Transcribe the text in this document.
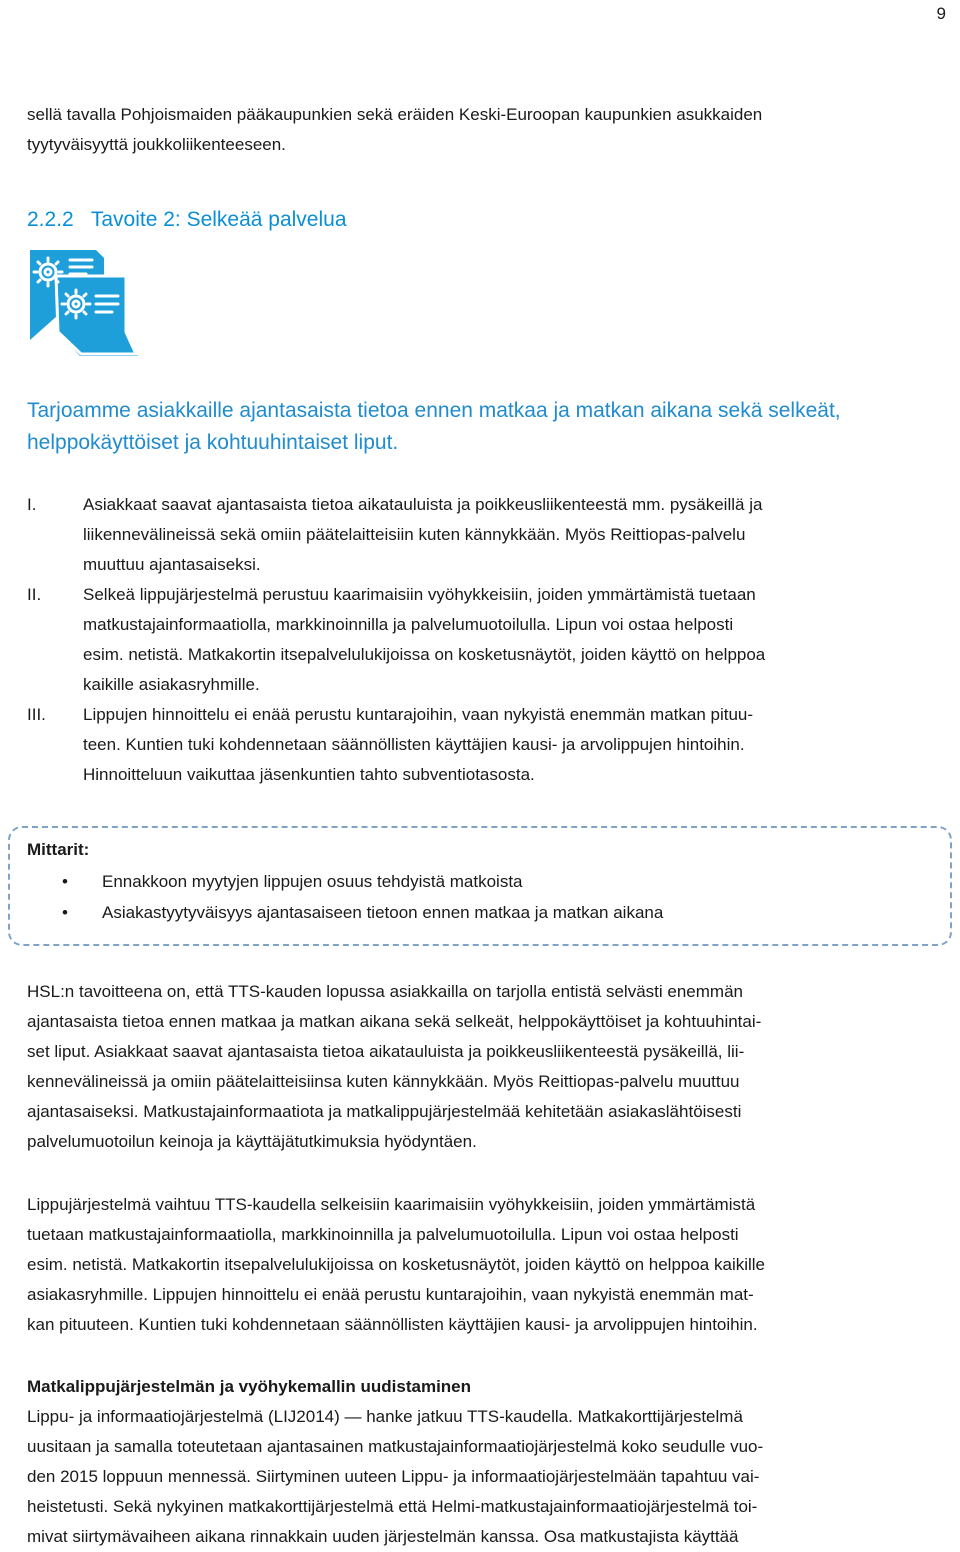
9

sellä tavalla Pohjoismaiden pääkaupunkien sekä eräiden Keski-Euroopan kaupunkien asukkaiden
tyytyväisyyttä joukkoliikenteeseen.

2.2.2 Tavoite 2: Selkeää palvelua

Tarjoamme asiakkaille ajantasaista tietoa ennen matkaa ja matkan aikana sekä selkeät,
helppokäyttöiset ja kohtuuhintaiset liput.

I.	Asiakkaat saavat ajantasaista tietoa aikatauluista ja poikkeusliikenteestä mm. pysäkeillä ja
liikennevälineissä sekä omiin päätelaitteisiin kuten kännykkään. Myös Reittiopas-palvelu
muuttuu ajantasaiseksi.
II. Selkeä lippujärjestelmä perustuu kaarimaisiin vyöhykkeisiin, joiden ymmärtämistä tuetaan
matkustajainformaatiolla, markkinoinnilla ja palvelumuotoilulla. Lipun voi ostaa helposti
esim. netistä. Matkakortin itsepalvelulukijoissa on kosketusnäytöt, joiden käyttö on helppoa
kaikille asiakasryhmille.
III. Lippujen hinnoittelu ei enää perustu kuntarajoihin, vaan nykyistä enemmän matkan pituu-
teen. Kuntien tuki kohdennetaan säännöllisten käyttäjien kausi- ja arvolippujen hintoihin.
Hinnoitteluun vaikuttaa jäsenkuntien tahto subventiotasosta.
Mittarit:
• Ennakkoon myytyjen lippujen osuus tehdyistä matkoista
• Asiakastyytyväisyys ajantasaiseen tietoon ennen matkaa ja matkan aikana

HSL:n tavoitteena on, että TTS-kauden lopussa asiakkailla on tarjolla entistä selvästi enemmän
ajantasaista tietoa ennen matkaa ja matkan aikana sekä selkeät, helppokäyttöiset ja kohtuuhintai-
set liput. Asiakkaat saavat ajantasaista tietoa aikatauluista ja poikkeusliikenteestä pysäkeillä, lii-
kennevälineissä ja omiin päätelaitteisiinsa kuten kännykkään. Myös Reittiopas-palvelu muuttuu
ajantasaiseksi. Matkustajainformaatiota ja matkalippujärjestelmää kehitetään asiakaslähtöisesti
palvelumuotoilun keinoja ja käyttäjätutkimuksia hyödyntäen.

Lippujärjestelmä vaihtuu TTS-kaudella selkeisiin kaarimaisiin vyöhykkeisiin, joiden ymmärtämistä
tuetaan matkustajainformaatiolla, markkinoinnilla ja palvelumuotoilulla. Lipun voi ostaa helposti
esim. netistä. Matkakortin itsepalvelulukijoissa on kosketusnäytöt, joiden käyttö on helppoa kaikille
asiakasryhmille. Lippujen hinnoittelu ei enää perustu kuntarajoihin, vaan nykyistä enemmän mat-
kan pituuteen. Kuntien tuki kohdennetaan säännöllisten käyttäjien kausi- ja arvolippujen hintoihin.

Matkalippujärjestelmän ja vyöhykemallin uudistaminen
Lippu- ja informaatiojärjestelmä (LIJ2014) — hanke jatkuu TTS-kaudella. Matkakorttijärjestelmä
uusitaan ja samalla toteutetaan ajantasainen matkustajainformaatiojärjestelmä koko seudulle vuo-
den 2015 loppuun mennessä. Siirtyminen uuteen Lippu- ja informaatiojärjestelmään tapahtuu vai-
heistetusti. Sekä nykyinen matkakorttijärjestelmä että Helmi-matkustajainformaatiojärjestelmä toi-
mivat siirtymävaiheen aikana rinnakkain uuden järjestelmän kanssa. Osa matkustajista käyttää
